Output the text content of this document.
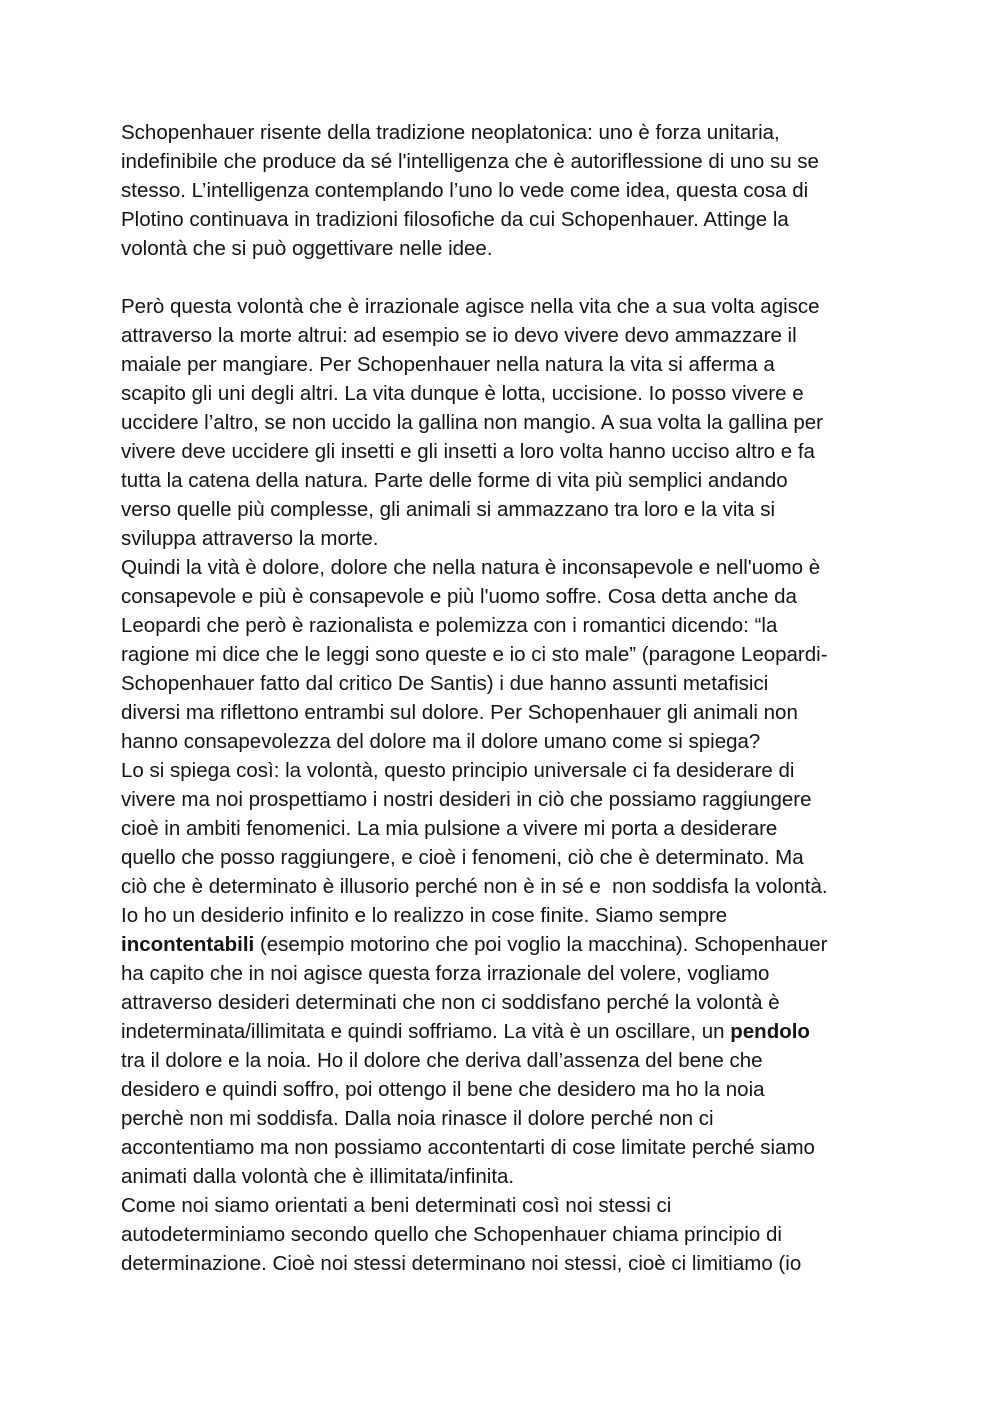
Schopenhauer risente della tradizione neoplatonica: uno è forza unitaria,
indefinibile che produce da sé l'intelligenza che è autoriflessione di uno su se
stesso. L’intelligenza contemplando l’uno lo vede come idea, questa cosa di
Plotino continuava in tradizioni filosofiche da cui Schopenhauer. Attinge la
volontà che si può oggettivare nelle idee.
Però questa volontà che è irrazionale agisce nella vita che a sua volta agisce
attraverso la morte altrui: ad esempio se io devo vivere devo ammazzare il
maiale per mangiare. Per Schopenhauer nella natura la vita si afferma a
scapito gli uni degli altri. La vita dunque è lotta, uccisione. Io posso vivere e
uccidere l’altro, se non uccido la gallina non mangio. A sua volta la gallina per
vivere deve uccidere gli insetti e gli insetti a loro volta hanno ucciso altro e fa
tutta la catena della natura. Parte delle forme di vita più semplici andando
verso quelle più complesse, gli animali si ammazzano tra loro e la vita si
sviluppa attraverso la morte.
Quindi la vità è dolore, dolore che nella natura è inconsapevole e nell'uomo è
consapevole e più è consapevole e più l'uomo soffre. Cosa detta anche da
Leopardi che però è razionalista e polemizza con i romantici dicendo: “la
ragione mi dice che le leggi sono queste e io ci sto male” (paragone Leopardi-
Schopenhauer fatto dal critico De Santis) i due hanno assunti metafisici
diversi ma riflettono entrambi sul dolore. Per Schopenhauer gli animali non
hanno consapevolezza del dolore ma il dolore umano come si spiega?
Lo si spiega così: la volontà, questo principio universale ci fa desiderare di
vivere ma noi prospettiamo i nostri desideri in ciò che possiamo raggiungere
cioè in ambiti fenomenici. La mia pulsione a vivere mi porta a desiderare
quello che posso raggiungere, e cioè i fenomeni, ciò che è determinato. Ma
ciò che è determinato è illusorio perché non è in sé e  non soddisfa la volontà.
Io ho un desiderio infinito e lo realizzo in cose finite. Siamo sempre
incontentabili (esempio motorino che poi voglio la macchina). Schopenhauer
ha capito che in noi agisce questa forza irrazionale del volere, vogliamo
attraverso desideri determinati che non ci soddisfano perché la volontà è
indeterminata/illimitata e quindi soffriamo. La vità è un oscillare, un pendolo
tra il dolore e la noia. Ho il dolore che deriva dall’assenza del bene che
desidero e quindi soffro, poi ottengo il bene che desidero ma ho la noia
perchè non mi soddisfa. Dalla noia rinasce il dolore perché non ci
accontentiamo ma non possiamo accontentarti di cose limitate perché siamo
animati dalla volontà che è illimitata/infinita.
Come noi siamo orientati a beni determinati così noi stessi ci
autodeterminiamo secondo quello che Schopenhauer chiama principio di
determinazione. Cioè noi stessi determinano noi stessi, cioè ci limitiamo (io
